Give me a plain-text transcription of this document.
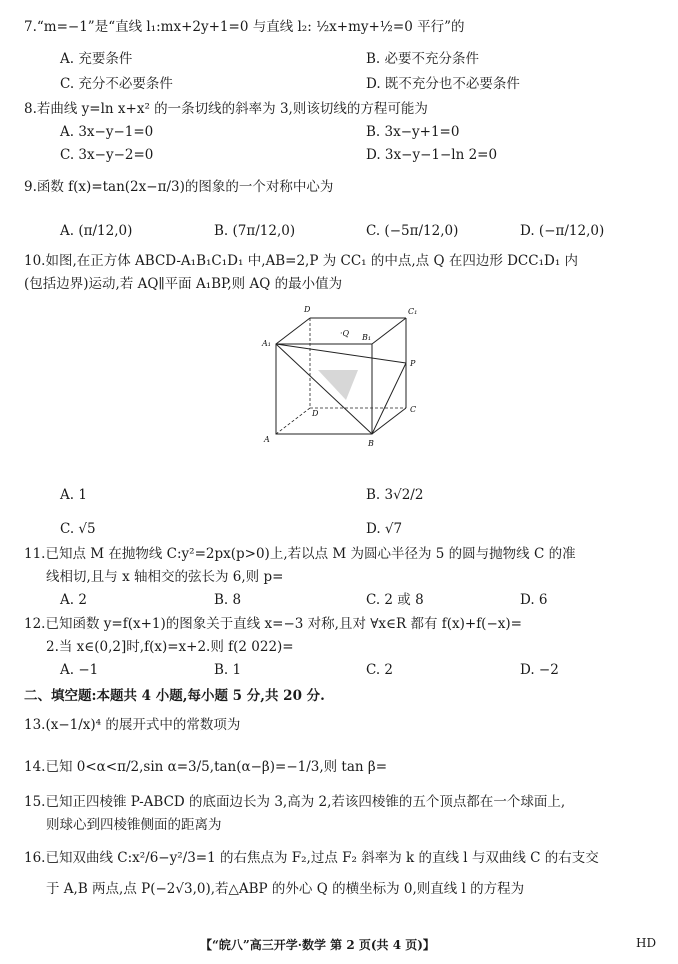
7.“m=−1”是“直线 l₁:mx+2y+1=0 与直线 l₂: ½x+my+½=0 平行”的
A. 充要条件	B. 必要不充分条件
C. 充分不必要条件	D. 既不充分也不必要条件
8.若曲线 y=ln x+x² 的一条切线的斜率为 3,则该切线的方程可能为
A. 3x−y−1=0	B. 3x−y+1=0
C. 3x−y−2=0	D. 3x−y−1−ln 2=0
9.函数 f(x)=tan(2x−π/3)的图象的一个对称中心为
A. (π/12,0)	B. (7π/12,0)	C. (−5π/12,0)	D. (−π/12,0)
10.如图,在正方体 ABCD-A₁B₁C₁D₁ 中,AB=2,P 为 CC₁ 的中点,点 Q 在四边形 DCC₁D₁ 内
(包括边界)运动,若 AQ∥平面 A₁BP,则 AQ 的最小值为
D	C₁
A₁
B₁
·Q
P
D	C
A	B
A. 1	B. 3√2/2
C. √5	D. √7
11.已知点 M 在抛物线 C:y²=2px(p>0)上,若以点 M 为圆心半径为 5 的圆与抛物线 C 的准
线相切,且与 x 轴相交的弦长为 6,则 p=
A. 2	B. 8	C. 2 或 8	D. 6
12.已知函数 y=f(x+1)的图象关于直线 x=−3 对称,且对 ∀x∈R 都有 f(x)+f(−x)=
2.当 x∈(0,2]时,f(x)=x+2.则 f(2 022)=
A. −1	B. 1	C. 2	D. −2
二、填空题:本题共 4 小题,每小题 5 分,共 20 分.
13.(x−1/x)⁴ 的展开式中的常数项为
14.已知 0<α<π/2,sin α=3/5,tan(α−β)=−1/3,则 tan β=
15.已知正四棱锥 P-ABCD 的底面边长为 3,高为 2,若该四棱锥的五个顶点都在一个球面上,
则球心到四棱锥侧面的距离为
16.已知双曲线 C:x²/6−y²/3=1 的右焦点为 F₂,过点 F₂ 斜率为 k 的直线 l 与双曲线 C 的右支交
于 A,B 两点,点 P(−2√3,0),若△ABP 的外心 Q 的横坐标为 0,则直线 l 的方程为
【“皖八”高三开学·数学 第 2 页(共 4 页)】	HD
